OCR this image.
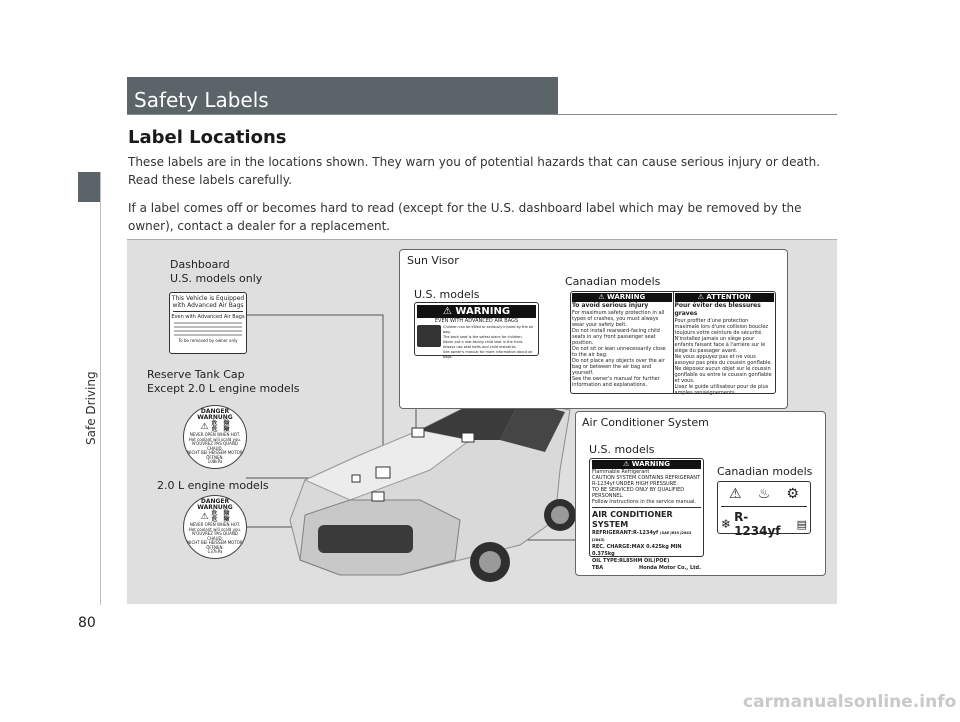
Safe Driving
Safety Labels
Label Locations
These labels are in the locations shown. They warn you of potential hazards that can cause serious injury or death. Read these labels carefully.
If a label comes off or becomes hard to read (except for the U.S. dashboard label which may be removed by the owner), contact a dealer for a replacement.
Dashboard
U.S. models only
This Vehicle is Equipped with Advanced Air Bags
Even with Advanced Air Bags
To be removed by owner only
Reserve Tank Cap
Except 2.0 L engine models
DANGER
WARNUNG
⚠ 危　険
危　險
NEVER OPEN WHEN HOT.
Hot coolant will scald you.
N'OUVREZ PAS QUAND CHAUD.
NICHT BEI HEISSEM MOTOR ÖFFNEN.
108kPa
2.0 L engine models
DANGER
WARNUNG
⚠ 危　険
危　險
NEVER OPEN WHEN HOT.
Hot coolant will scald you.
N'OUVREZ PAS QUAND CHAUD.
NICHT BEI HEISSEM MOTOR ÖFFNEN.
137kPa
Sun Visor
U.S. models
Canadian models
⚠ WARNING
EVEN WITH ADVANCED AIR BAGS
Children can be killed or seriously injured by the air bag.
The back seat is the safest place for children.
Never put a rear-facing child seat in the front.
Always use seat belts and child restraints.
See owner's manual for more information about air bags.
⚠ WARNING
To avoid serious injury
For maximum safety protection in all types of crashes, you must always wear your safety belt.
Do not install rearward-facing child seats in any front passenger seat position.
Do not sit or lean unnecessarily close to the air bag.
Do not place any objects over the air bag or between the air bag and yourself.
See the owner's manual for further information and explanations.
⚠ ATTENTION
Pour éviter des blessures graves
Pour profiter d'une protection maximale lors d'une collision bouclez toujours votre ceinture de sécurité.
N'installez jamais un siège pour enfants faisant face à l'arrière sur le siège du passager avant.
Ne vous appuyez pas et ne vous assoyez pas près du coussin gonflable.
Ne déposez aucun objet sur le coussin gonflable ou entre le coussin gonflable et vous.
Lisez le guide utilisateur pour de plus amples renseignements.
Air Conditioner System
U.S. models
Canadian models
⚠ WARNING
Flammable Refrigerant
CAUTION SYSTEM CONTAINS REFRIGERANT
R-1234yf UNDER HIGH PRESSURE.
TO BE SERVICED ONLY BY QUALIFIED PERSONNEL.
Follow Instructions in the service manual.
AIR CONDITIONER SYSTEM
REFRIGERANT:R-1234yf (SAE J639 J2843 J2845)
REC. CHARGE:MAX 0.425kg MIN 0.375kg
OIL TYPE:RL85HM OIL(POE)
TBA	Honda Motor Co., Ltd.
⚠ ♨ ⚙
❄ R-1234yf	▤
80
carmanualsonline.info
